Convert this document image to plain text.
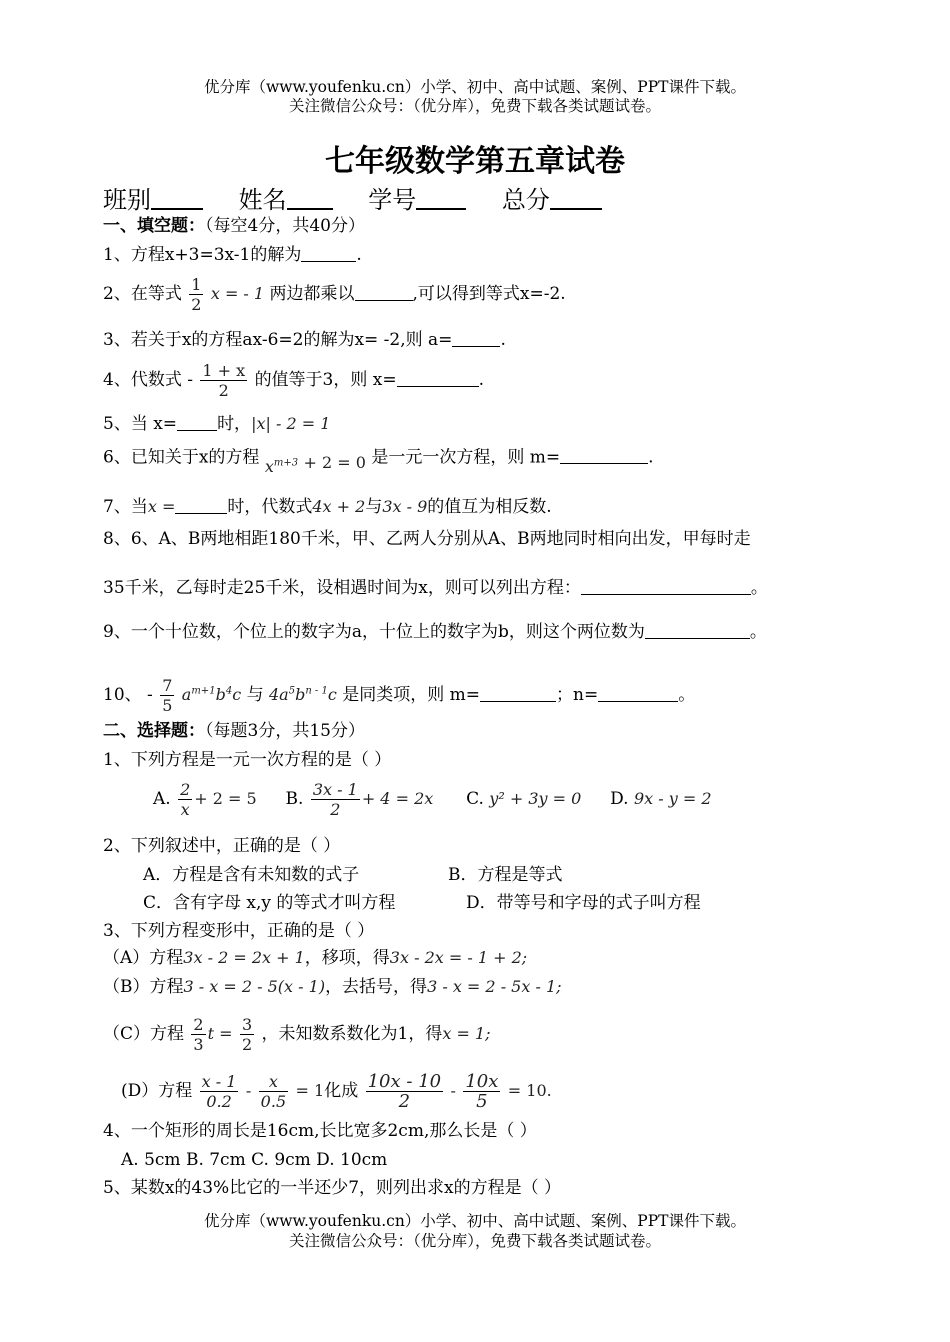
优分库（www.youfenku.cn）小学、初中、高中试题、案例、PPT课件下载。
关注微信公众号：（优分库），免费下载各类试题试卷。
七年级数学第五章试卷
班别	姓名	学号	总分
一、填空题：（每空4分，共40分）
1、方程x+3=3x-1的解为	.
2、在等式 $\frac{1}{2}$ x = - 1 两边都乘以	,可以得到等式x=-2.
3、若关于x的方程ax-6=2的解为x= -2,则 a=	.
4、代数式 - $\frac{1 + x}{2}$ 的值等于3，则 x=	.
5、当 x= 时，|x| - 2 = 1
6、已知关于x的方程 $x^{m+3} + 2 = 0$ 是一元一次方程，则 m=	.
7、当x =	时，代数式4x + 2与3x - 9的值互为相反数.
8、6、A、B两地相距180千米，甲、乙两人分别从A、B两地同时相向出发，甲每时走
35千米，乙每时走25千米，设相遇时间为x，则可以列出方程：	。
9、一个十位数，个位上的数字为a，十位上的数字为b，则这个两位数为	。
10、 - $\frac{7}{5} a^{m+1}b^4c$ 与 $4a^5b^{n - 1}c$ 是同类项，则 m=	；n=	。
二、选择题：（每题3分，共15分）
1、下列方程是一元一次方程的是（ ）
A. $\frac{2}{x} + 2 = 5$ B. $\frac{3x - 1}{2} + 4 = 2x$ C. y² + 3y = 0 D. 9x - y = 2
2、下列叙述中，正确的是（ ）
A．方程是含有未知数的式子	B．方程是等式
C．含有字母 x,y 的等式才叫方程	D．带等号和字母的式子叫方程
3、下列方程变形中，正确的是（ ）
（A）方程3x - 2 = 2x + 1，移项，得3x - 2x = - 1 + 2;
（B）方程3 - x = 2 - 5(x - 1)，去括号，得3 - x = 2 - 5x - 1;
（C）方程 $\frac{2}{3}$ $t = \frac{3}{2}$ ，未知数系数化为1，得x = 1;
(D）方程 $\frac{x - 1}{0.2} - \frac{x}{0.5} = 1$化成 $\frac{10x - 10}{2} - \frac{10x}{5} = 10$.
4、一个矩形的周长是16cm,长比宽多2cm,那么长是（ ）
A. 5cm B. 7cm C. 9cm D. 10cm
5、某数x的43%比它的一半还少7，则列出求x的方程是（ ）
优分库（www.youfenku.cn）小学、初中、高中试题、案例、PPT课件下载。
关注微信公众号：（优分库），免费下载各类试题试卷。
